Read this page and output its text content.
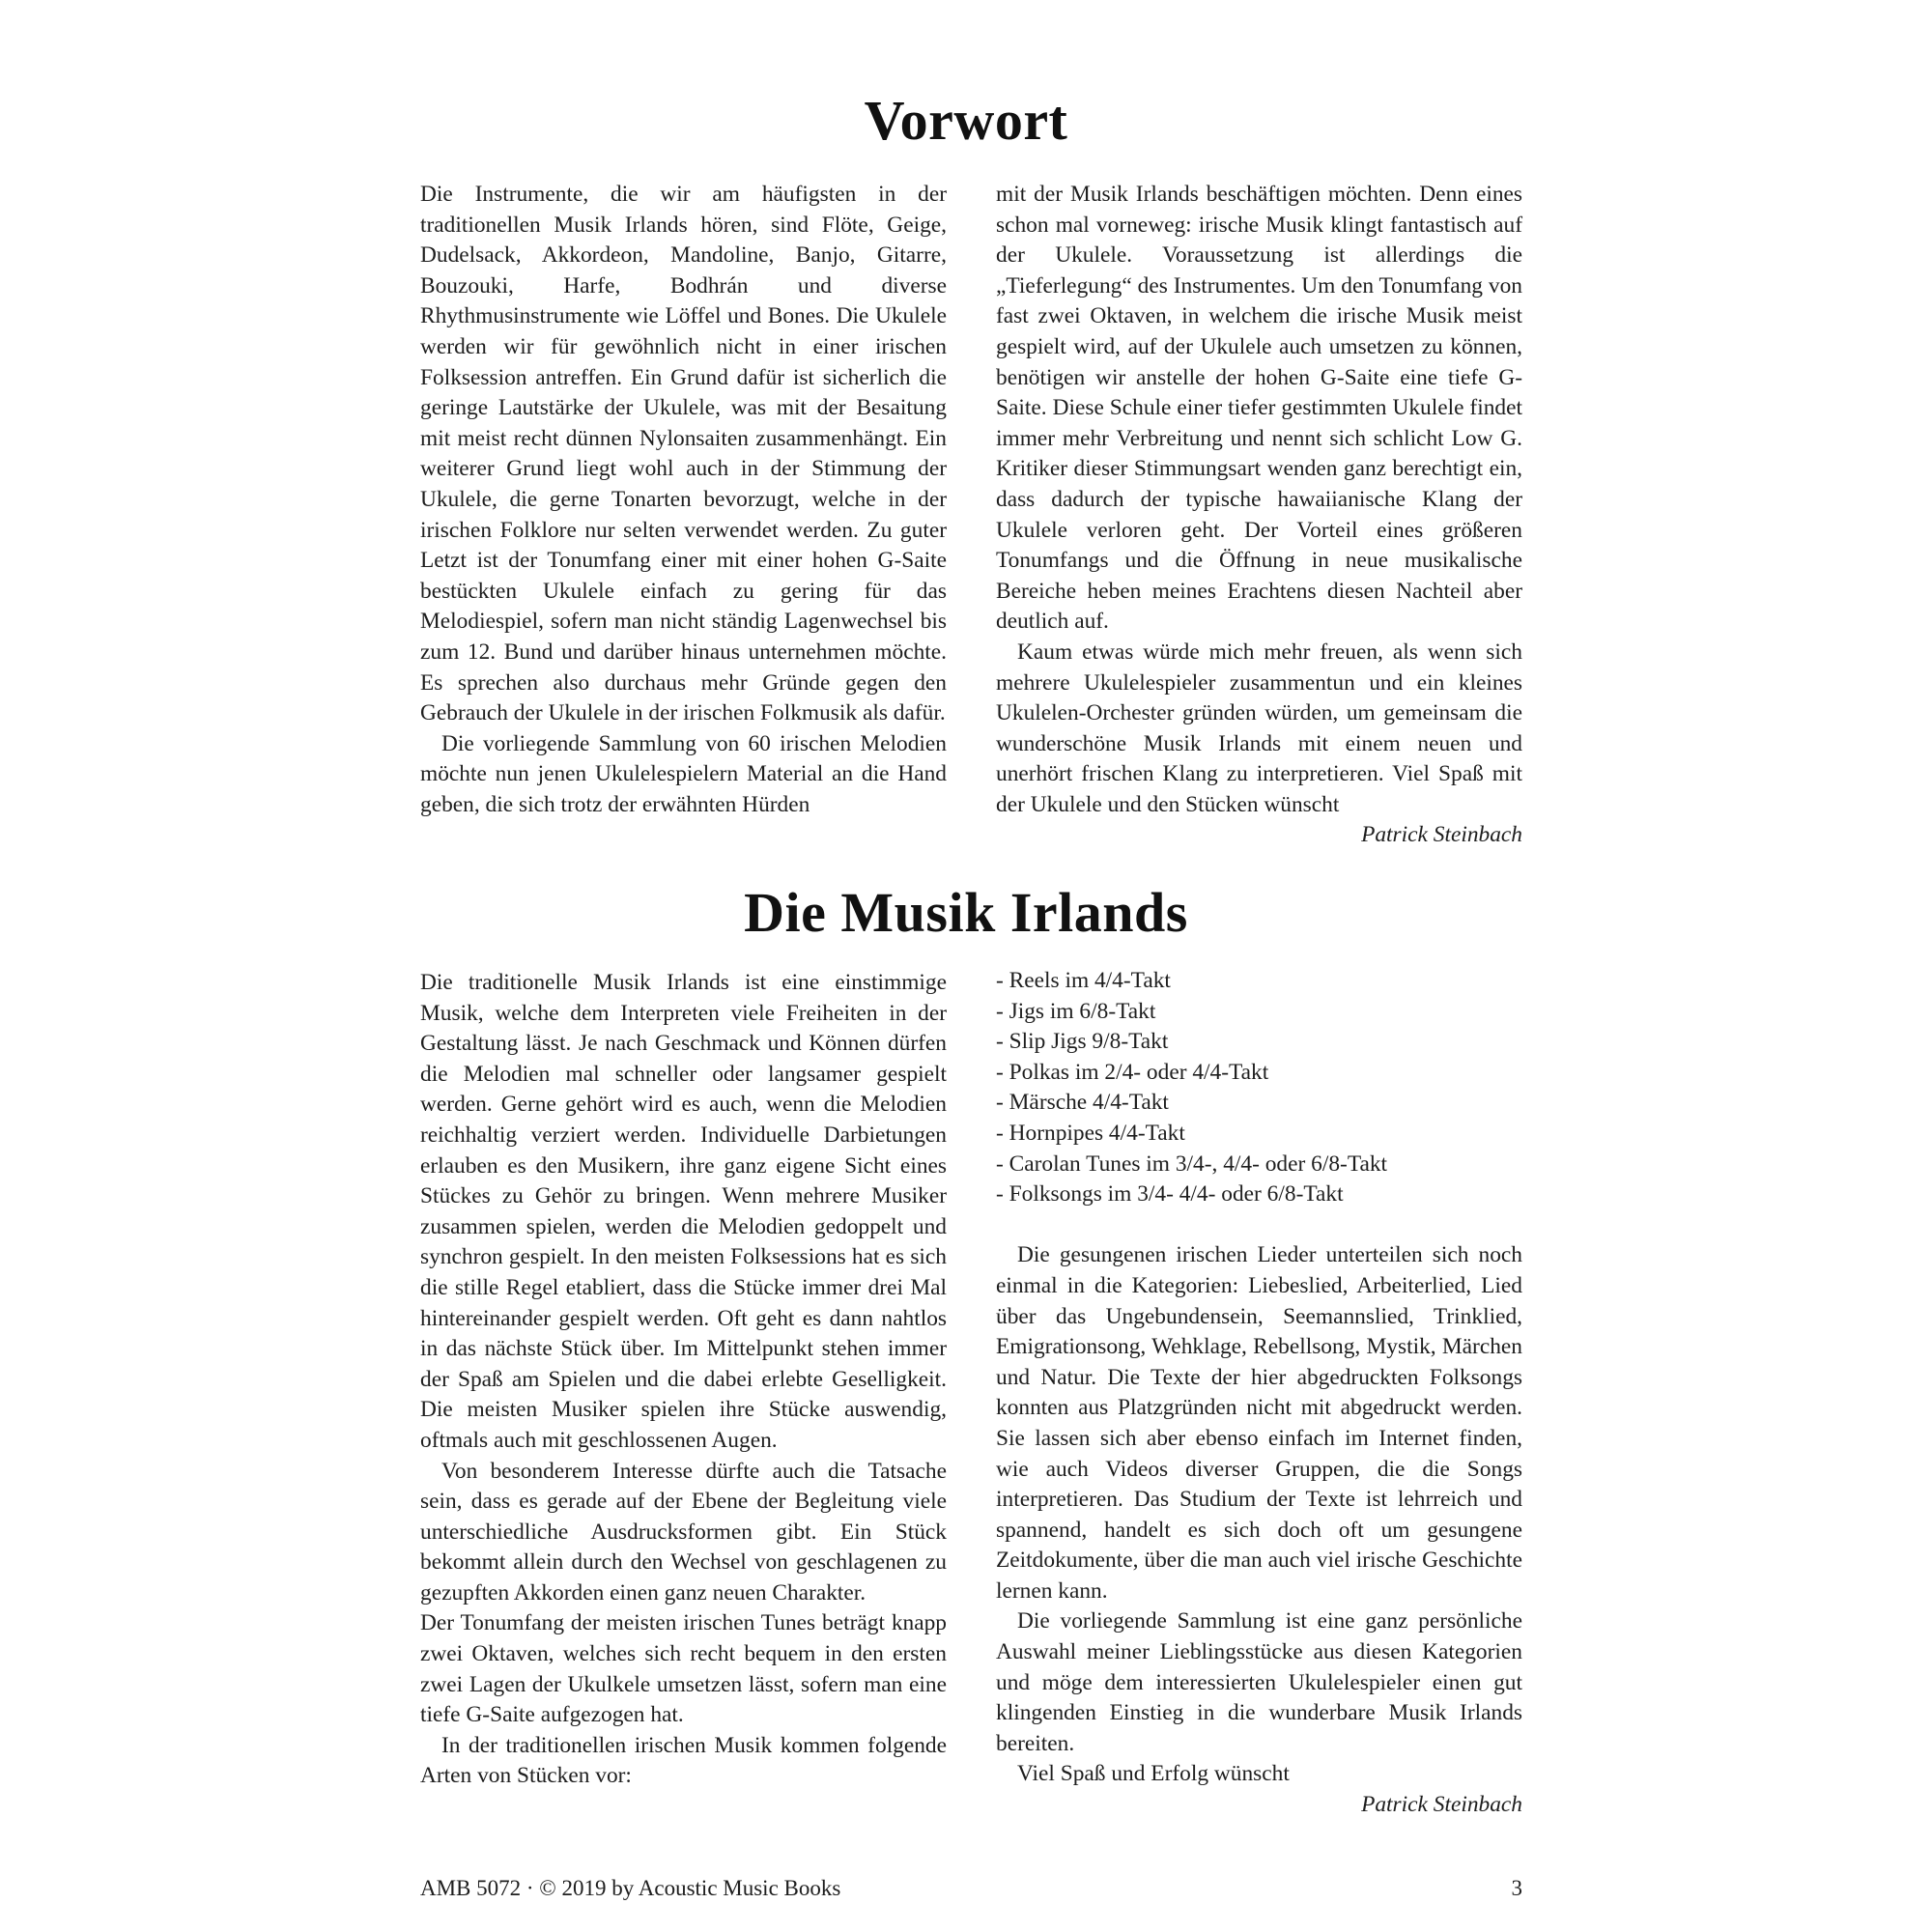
Vorwort

Die Instrumente, die wir am häufigsten in der traditionellen Musik Irlands hören, sind Flöte, Geige, Dudelsack, Akkordeon, Mandoline, Banjo, Gitarre, Bouzouki, Harfe, Bodhrán und diverse Rhythmusinstrumente wie Löffel und Bones. Die Ukulele werden wir für gewöhnlich nicht in einer irischen Folksession antreffen. Ein Grund dafür ist sicherlich die geringe Lautstärke der Ukulele, was mit der Besaitung mit meist recht dünnen Nylonsaiten zusammenhängt. Ein weiterer Grund liegt wohl auch in der Stimmung der Ukulele, die gerne Tonarten bevorzugt, welche in der irischen Folklore nur selten verwendet werden. Zu guter Letzt ist der Tonumfang einer mit einer hohen G-Saite bestückten Ukulele einfach zu gering für das Melodiespiel, sofern man nicht ständig Lagenwechsel bis zum 12. Bund und darüber hinaus unternehmen möchte. Es sprechen also durchaus mehr Gründe gegen den Gebrauch der Ukulele in der irischen Folkmusik als dafür.

Die vorliegende Sammlung von 60 irischen Melodien möchte nun jenen Ukulelespielern Material an die Hand geben, die sich trotz der erwähnten Hürden

mit der Musik Irlands beschäftigen möchten. Denn eines schon mal vorneweg: irische Musik klingt fantastisch auf der Ukulele. Voraussetzung ist allerdings die „Tieferlegung“ des Instrumentes. Um den Tonumfang von fast zwei Oktaven, in welchem die irische Musik meist gespielt wird, auf der Ukulele auch umsetzen zu können, benötigen wir anstelle der hohen G-Saite eine tiefe G-Saite. Diese Schule einer tiefer gestimmten Ukulele findet immer mehr Verbreitung und nennt sich schlicht Low G. Kritiker dieser Stimmungsart wenden ganz berechtigt ein, dass dadurch der typische hawaiianische Klang der Ukulele verloren geht. Der Vorteil eines größeren Tonumfangs und die Öffnung in neue musikalische Bereiche heben meines Erachtens diesen Nachteil aber deutlich auf.

Kaum etwas würde mich mehr freuen, als wenn sich mehrere Ukulelespieler zusammentun und ein kleines Ukulelen-Orchester gründen würden, um gemeinsam die wunderschöne Musik Irlands mit einem neuen und unerhört frischen Klang zu interpretieren. Viel Spaß mit der Ukulele und den Stücken wünscht

Patrick Steinbach

Die Musik Irlands

Die traditionelle Musik Irlands ist eine einstimmige Musik, welche dem Interpreten viele Freiheiten in der Gestaltung lässt. Je nach Geschmack und Können dürfen die Melodien mal schneller oder langsamer gespielt werden. Gerne gehört wird es auch, wenn die Melodien reichhaltig verziert werden. Individuelle Darbietungen erlauben es den Musikern, ihre ganz eigene Sicht eines Stückes zu Gehör zu bringen. Wenn mehrere Musiker zusammen spielen, werden die Melodien gedoppelt und synchron gespielt. In den meisten Folksessions hat es sich die stille Regel etabliert, dass die Stücke immer drei Mal hintereinander gespielt werden. Oft geht es dann nahtlos in das nächste Stück über. Im Mittelpunkt stehen immer der Spaß am Spielen und die dabei erlebte Geselligkeit. Die meisten Musiker spielen ihre Stücke auswendig, oftmals auch mit geschlossenen Augen.

Von besonderem Interesse dürfte auch die Tatsache sein, dass es gerade auf der Ebene der Begleitung viele unterschiedliche Ausdrucksformen gibt. Ein Stück bekommt allein durch den Wechsel von geschlagenen zu gezupften Akkorden einen ganz neuen Charakter.

Der Tonumfang der meisten irischen Tunes beträgt knapp zwei Oktaven, welches sich recht bequem in den ersten zwei Lagen der Ukulkele umsetzen lässt, sofern man eine tiefe G-Saite aufgezogen hat.

In der traditionellen irischen Musik kommen folgende Arten von Stücken vor:

- Reels im 4/4-Takt
- Jigs im 6/8-Takt
- Slip Jigs 9/8-Takt
- Polkas im 2/4- oder 4/4-Takt
- Märsche 4/4-Takt
- Hornpipes 4/4-Takt
- Carolan Tunes im 3/4-, 4/4- oder 6/8-Takt
- Folksongs im 3/4- 4/4- oder 6/8-Takt

Die gesungenen irischen Lieder unterteilen sich noch einmal in die Kategorien: Liebeslied, Arbeiterlied, Lied über das Ungebundensein, Seemannslied, Trinklied, Emigrationsong, Wehklage, Rebellsong, Mystik, Märchen und Natur. Die Texte der hier abgedruckten Folksongs konnten aus Platzgründen nicht mit abgedruckt werden. Sie lassen sich aber ebenso einfach im Internet finden, wie auch Videos diverser Gruppen, die die Songs interpretieren. Das Studium der Texte ist lehrreich und spannend, handelt es sich doch oft um gesungene Zeitdokumente, über die man auch viel irische Geschichte lernen kann.

Die vorliegende Sammlung ist eine ganz persönliche Auswahl meiner Lieblingsstücke aus diesen Kategorien und möge dem interessierten Ukulelespieler einen gut klingenden Einstieg in die wunderbare Musik Irlands bereiten.

Viel Spaß und Erfolg wünscht

Patrick Steinbach

AMB 5072 · © 2019 by Acoustic Music Books	3
